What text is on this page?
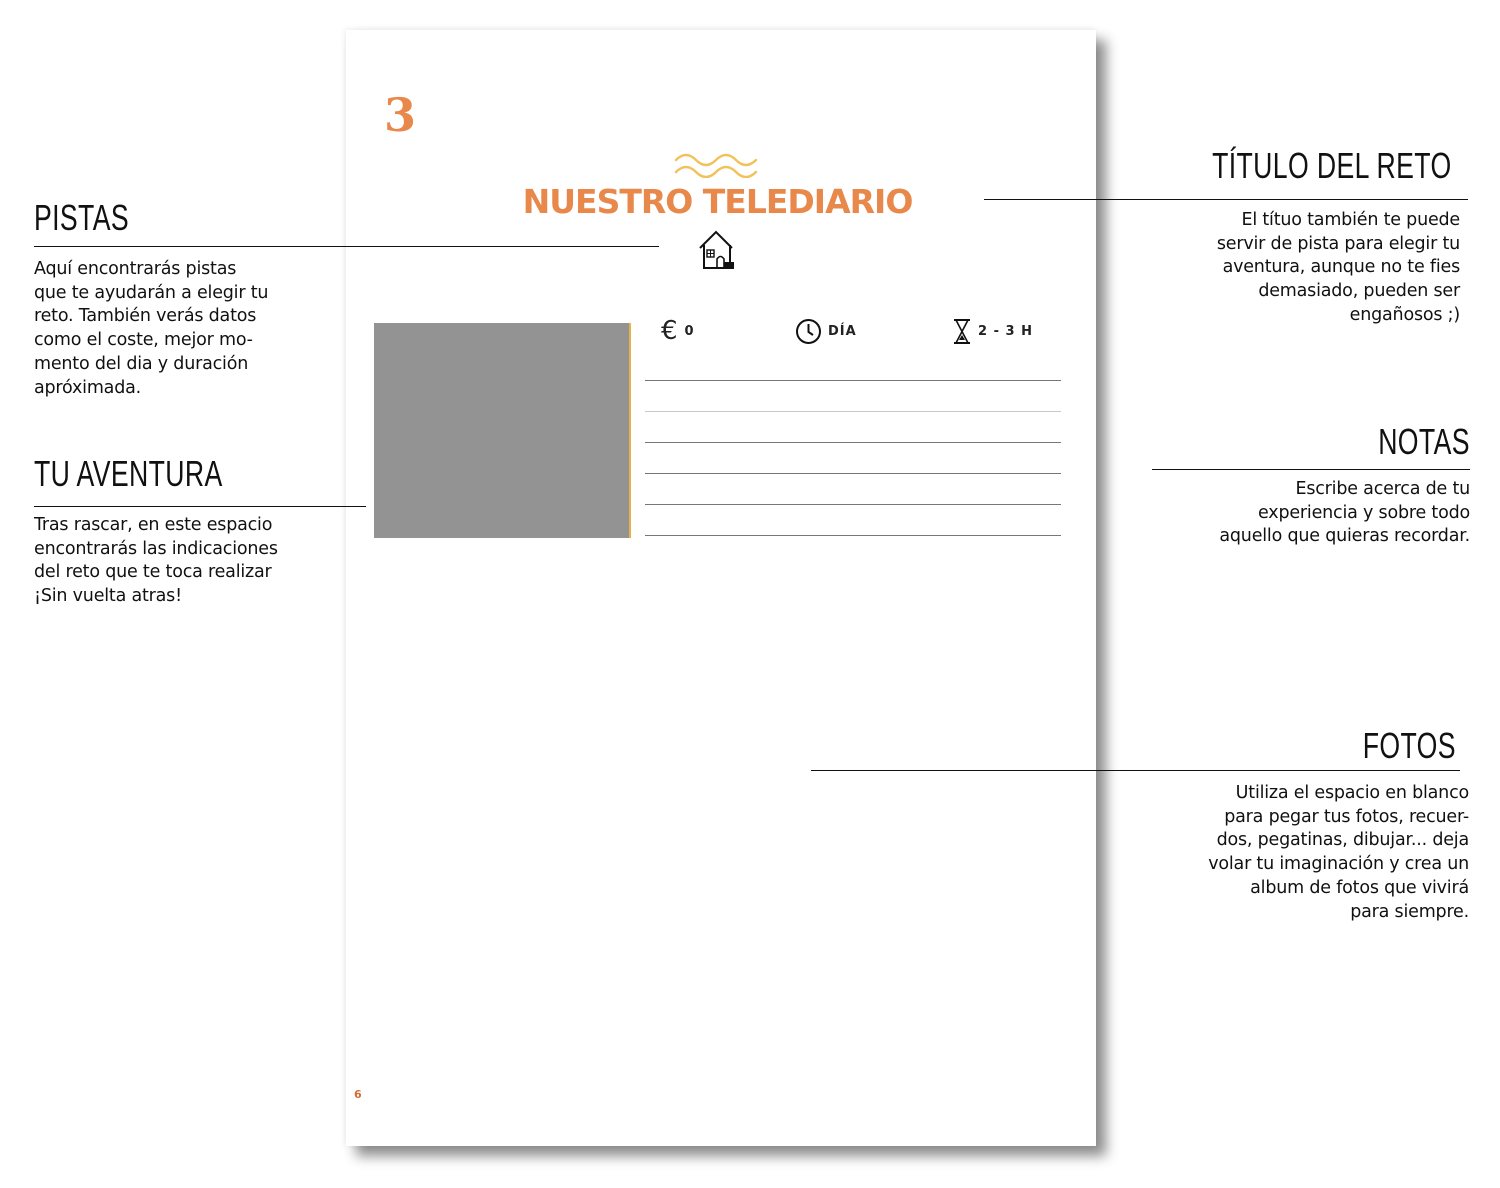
3
NUESTRO TELEDIARIO
€ 0	DÍA	2 - 3 H
6
PISTAS
Aquí encontrarás pistas
que te ayudarán a elegir tu
reto. También verás datos
como el coste, mejor mo-
mento del dia y duración
apróximada.
TU AVENTURA
Tras rascar, en este espacio
encontrarás las indicaciones
del reto que te toca realizar
¡Sin vuelta atras!
TÍTULO DEL RETO
El títuo también te puede
servir de pista para elegir tu
aventura, aunque no te fies
demasiado, pueden ser
engañosos ;)
NOTAS
Escribe acerca de tu
experiencia y sobre todo
aquello que quieras recordar.
FOTOS
Utiliza el espacio en blanco
para pegar tus fotos, recuer-
dos, pegatinas, dibujar... deja
volar tu imaginación y crea un
album de fotos que vivirá
para siempre.
